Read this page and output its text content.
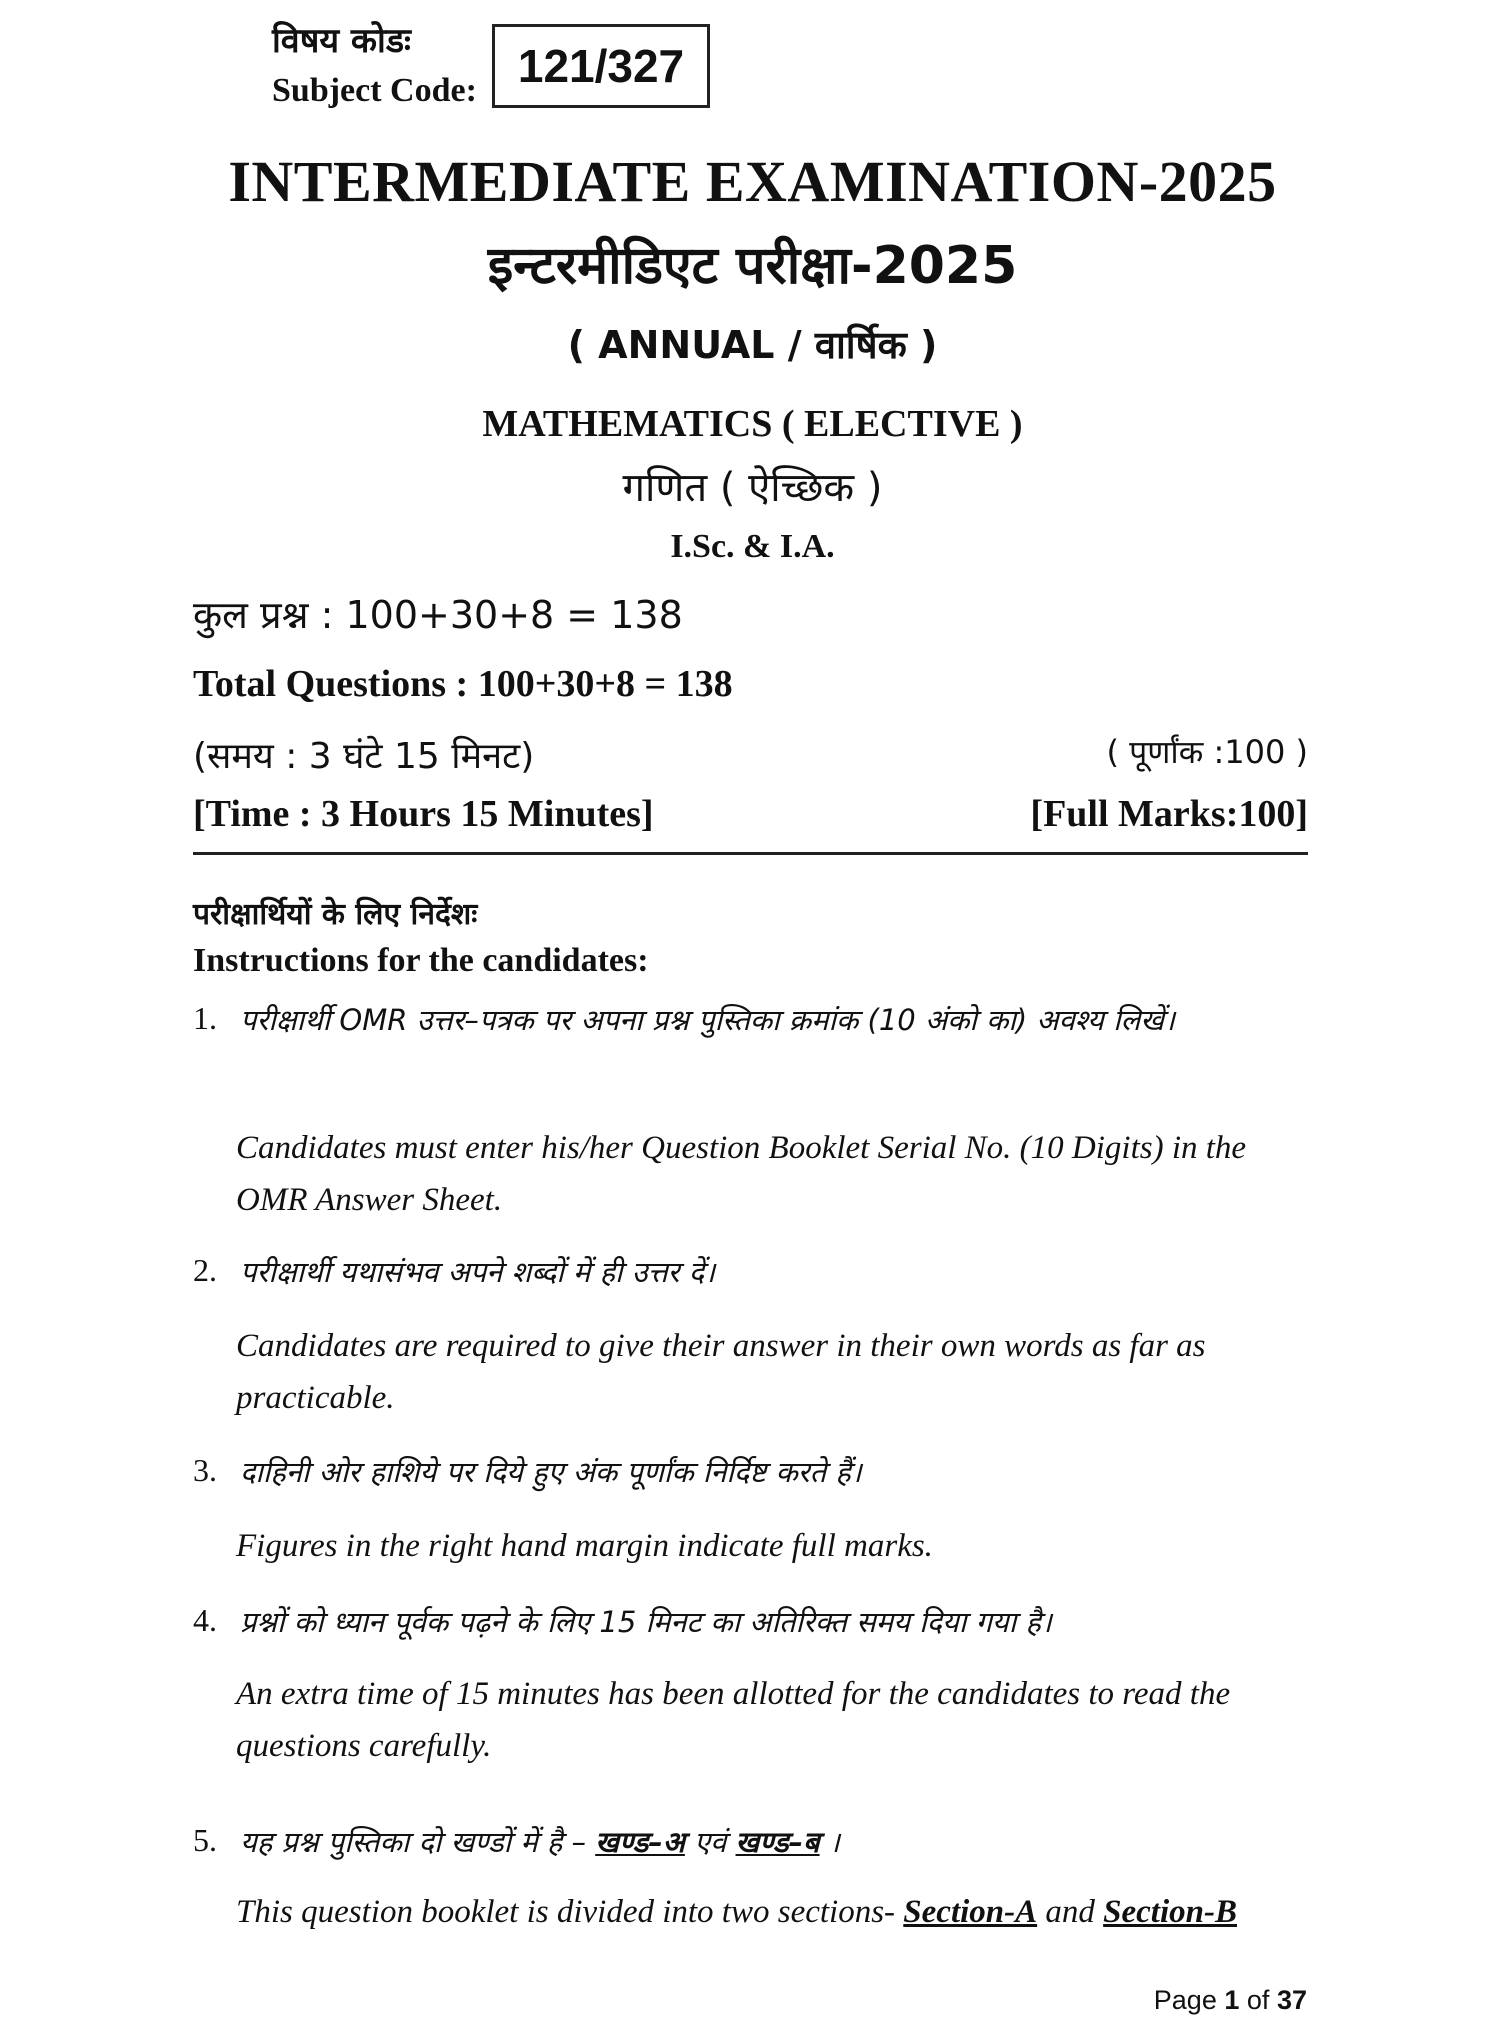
विषय कोडः
Subject Code: 121/327
INTERMEDIATE EXAMINATION-2025
इन्टरमीडिएट परीक्षा-2025
( ANNUAL / वार्षिक )
MATHEMATICS ( ELECTIVE )
गणित ( ऐच्छिक )
I.Sc. & I.A.
कुल प्रश्न : 100+30+8 = 138
Total Questions : 100+30+8 = 138
(समय : 3 घंटे 15 मिनट)	( पूर्णांक :100 )
[Time : 3 Hours 15 Minutes]	[Full Marks:100]
परीक्षार्थियों के लिए निर्देशः
Instructions for the candidates:
1. परीक्षार्थी OMR उत्तर–पत्रक पर अपना प्रश्न पुस्तिका क्रमांक (10 अंको का) अवश्य लिखें।
Candidates must enter his/her Question Booklet Serial No. (10 Digits) in the OMR Answer Sheet.
2. परीक्षार्थी यथासंभव अपने शब्दों में ही उत्तर दें।
Candidates are required to give their answer in their own words as far as practicable.
3. दाहिनी ओर हाशिये पर दिये हुए अंक पूर्णांक निर्दिष्ट करते हैं।
Figures in the right hand margin indicate full marks.
4. प्रश्नों को ध्यान पूर्वक पढ़ने के लिए 15 मिनट का अतिरिक्त समय दिया गया है।
An extra time of 15 minutes has been allotted for the candidates to read the questions carefully.
5. यह प्रश्न पुस्तिका दो खण्डों में है – खण्ड–अ एवं खण्ड–ब ।
This question booklet is divided into two sections- Section-A and Section-B
Page 1 of 37
